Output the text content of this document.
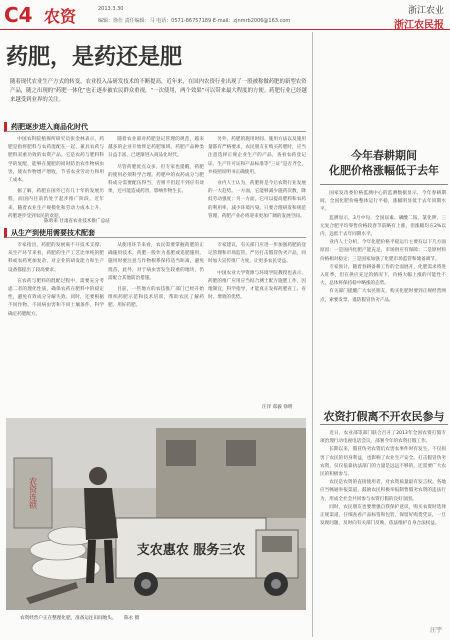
C4 农资	2013.3.30
编辑：徐仕 责任编辑：马 电话：0571-86757189 E-mail：zjnmrb2006@163.com
浙江农业
浙江农民报
药肥，是药还是肥
随着现代农业生产方式的转变，农业投入品研发技术的不断提高，近年来，在国内农资行业出现了一股被称做药肥的新型农资产品，随之出现的“药肥一体化”也正逐步被农民群众重视，“一次使用，两个效果”可以带来最大程度的方便。药肥行业已经越来越受到业界的关注。
药肥逐步进入商品化时代

中国农科院植保所研究员张金林表示，药肥是指将肥料与农药混配在一起，兼具农药与肥料双重功效的农资产品。它是农药与肥料科学的复配，能够在施肥的同时防治农作物病虫害，使农作物增产增收，节省农业劳动力和用工成本。

据了解，药肥在国外已有几十年的发展历程，而国内目前仍处于起步推广阶段。近年来，随着农业生产规模化和劳动力成本上升，药肥逐步受到农民的欢迎。

随着农业部对药肥登记管理的规范，越来越多的企业开始涉足药肥领域，药肥产品种类日益丰富，已逐渐进入商品化时代。

尽管药肥优点众多，但专家也提醒，药肥的使用必须科学合理。药肥中的农药成分与肥料成分需要配伍得当，否则不但起不到应有效果，还可能造成药害，影响作物生长。

另外，药肥的施用时间、施用方法以及施用量都有严格要求，农民朋友在购买药肥时，应当注意选择正规企业生产的产品，查看农药登记证、生产许可证和产品标准等“三证”是否齐全，并按照说明书正确使用。

业内人士认为，药肥将是今后农资行业发展的一大趋势。一方面，它能够减少施药次数，降低劳动强度；另一方面，它可以提高肥料和农药的利用率，减少环境污染。只要合理研发和规范管理，药肥产业必将迎来更加广阔的发展空间。

陈勇来 甘肃省农业技术推广总站
从生产到使用需要技术配套

专家指出，药肥的发展离不开技术支撑。从生产环节来看，药肥的生产工艺比单纯的肥料或农药更加复杂，对企业的研发能力和生产设备都提出了较高要求。

在农药与肥料的混配过程中，需要充分考虑二者的理化性质，确保农药在肥料中的稳定性，避免有效成分分解失效。同时，还要根据不同作物、不同病虫害和不同土壤条件，科学确定药肥配方。

从使用环节来看，农民需要掌握药肥的正确施用技术。药肥一般作为基肥或追肥施用，施用时要注意与作物根系保持适当距离，避免烧苗。此外，对于病虫害发生较重的地块，仍需配合其他防治措施。

目前，一些地方的农技推广部门已经开始组织药肥示范和技术培训，帮助农民了解药肥、用好药肥。

专家建议，有关部门应进一步加强药肥的登记管理和市场监管，严厉打击假冒伪劣产品，同时加大宣传推广力度，让更多农民受益。

中国农业大学资源与环境学院教授也表示，药肥的推广应用应当结合测土配方施肥工作，因地制宜，科学指导，才能真正发挥药肥省工、省时、增效的优势。

汪洋 郑毅 徐明
农资连锁
支农惠农 服务三农
农资经营户正在整理化肥，准备运往田间地头。 陈永 摄
今年春耕期间
化肥价格涨幅低于去年

国家发改委价格监测中心的监测数据显示，今年春耕期间，全国化肥价格整体运行平稳，涨幅明显低于去年同期水平。

监测显示，3月中旬，全国尿素、磷酸二铵、氯化钾、三元复合肥平均零售价格较春节前略有上涨，但涨幅均在2%以内，远低于去年同期水平。

业内人士分析，今年化肥价格平稳运行主要有以下几方面原因：一是国内化肥产能充足，市场供应有保障；二是原材料价格相对稳定；三是国家加强了化肥市场监管和储备调节。

专家预计，随着春耕备耕工作的全面展开，化肥需求将进入旺季，但在供应充足的情况下，价格大幅上涨的可能性不大，总体将保持稳中略涨的态势。

有关部门提醒广大农民朋友，购买化肥时要到正规经营网点，索要发票，谨防假冒伪劣产品。

农资打假离不开农民参与

近日，农业部等部门联合召开了2013年全国农资打假专项治理行动电视电话会议，部署今年的农资打假工作。

长期以来，假冒伪劣农资坑农害农事件时有发生，不仅损害了农民的切身利益，也影响了农业生产安全。打击假冒伪劣农资，仅仅依靠执法部门的力量是远远不够的，还需要广大农民的积极参与。

农民是农资的直接使用者，对农资质量最有发言权。各地应当畅通举报渠道，鼓励农民积极举报制售假劣农资的违法行为，形成全社会共同参与农资打假的良好氛围。

同时，农民朋友也要增强自我保护意识，购买农资时选择正规渠道，仔细查看产品标签和包装，保留好购货凭证，一旦发现问题，及时向有关部门反映，依法维护自身合法权益。

汪宇
